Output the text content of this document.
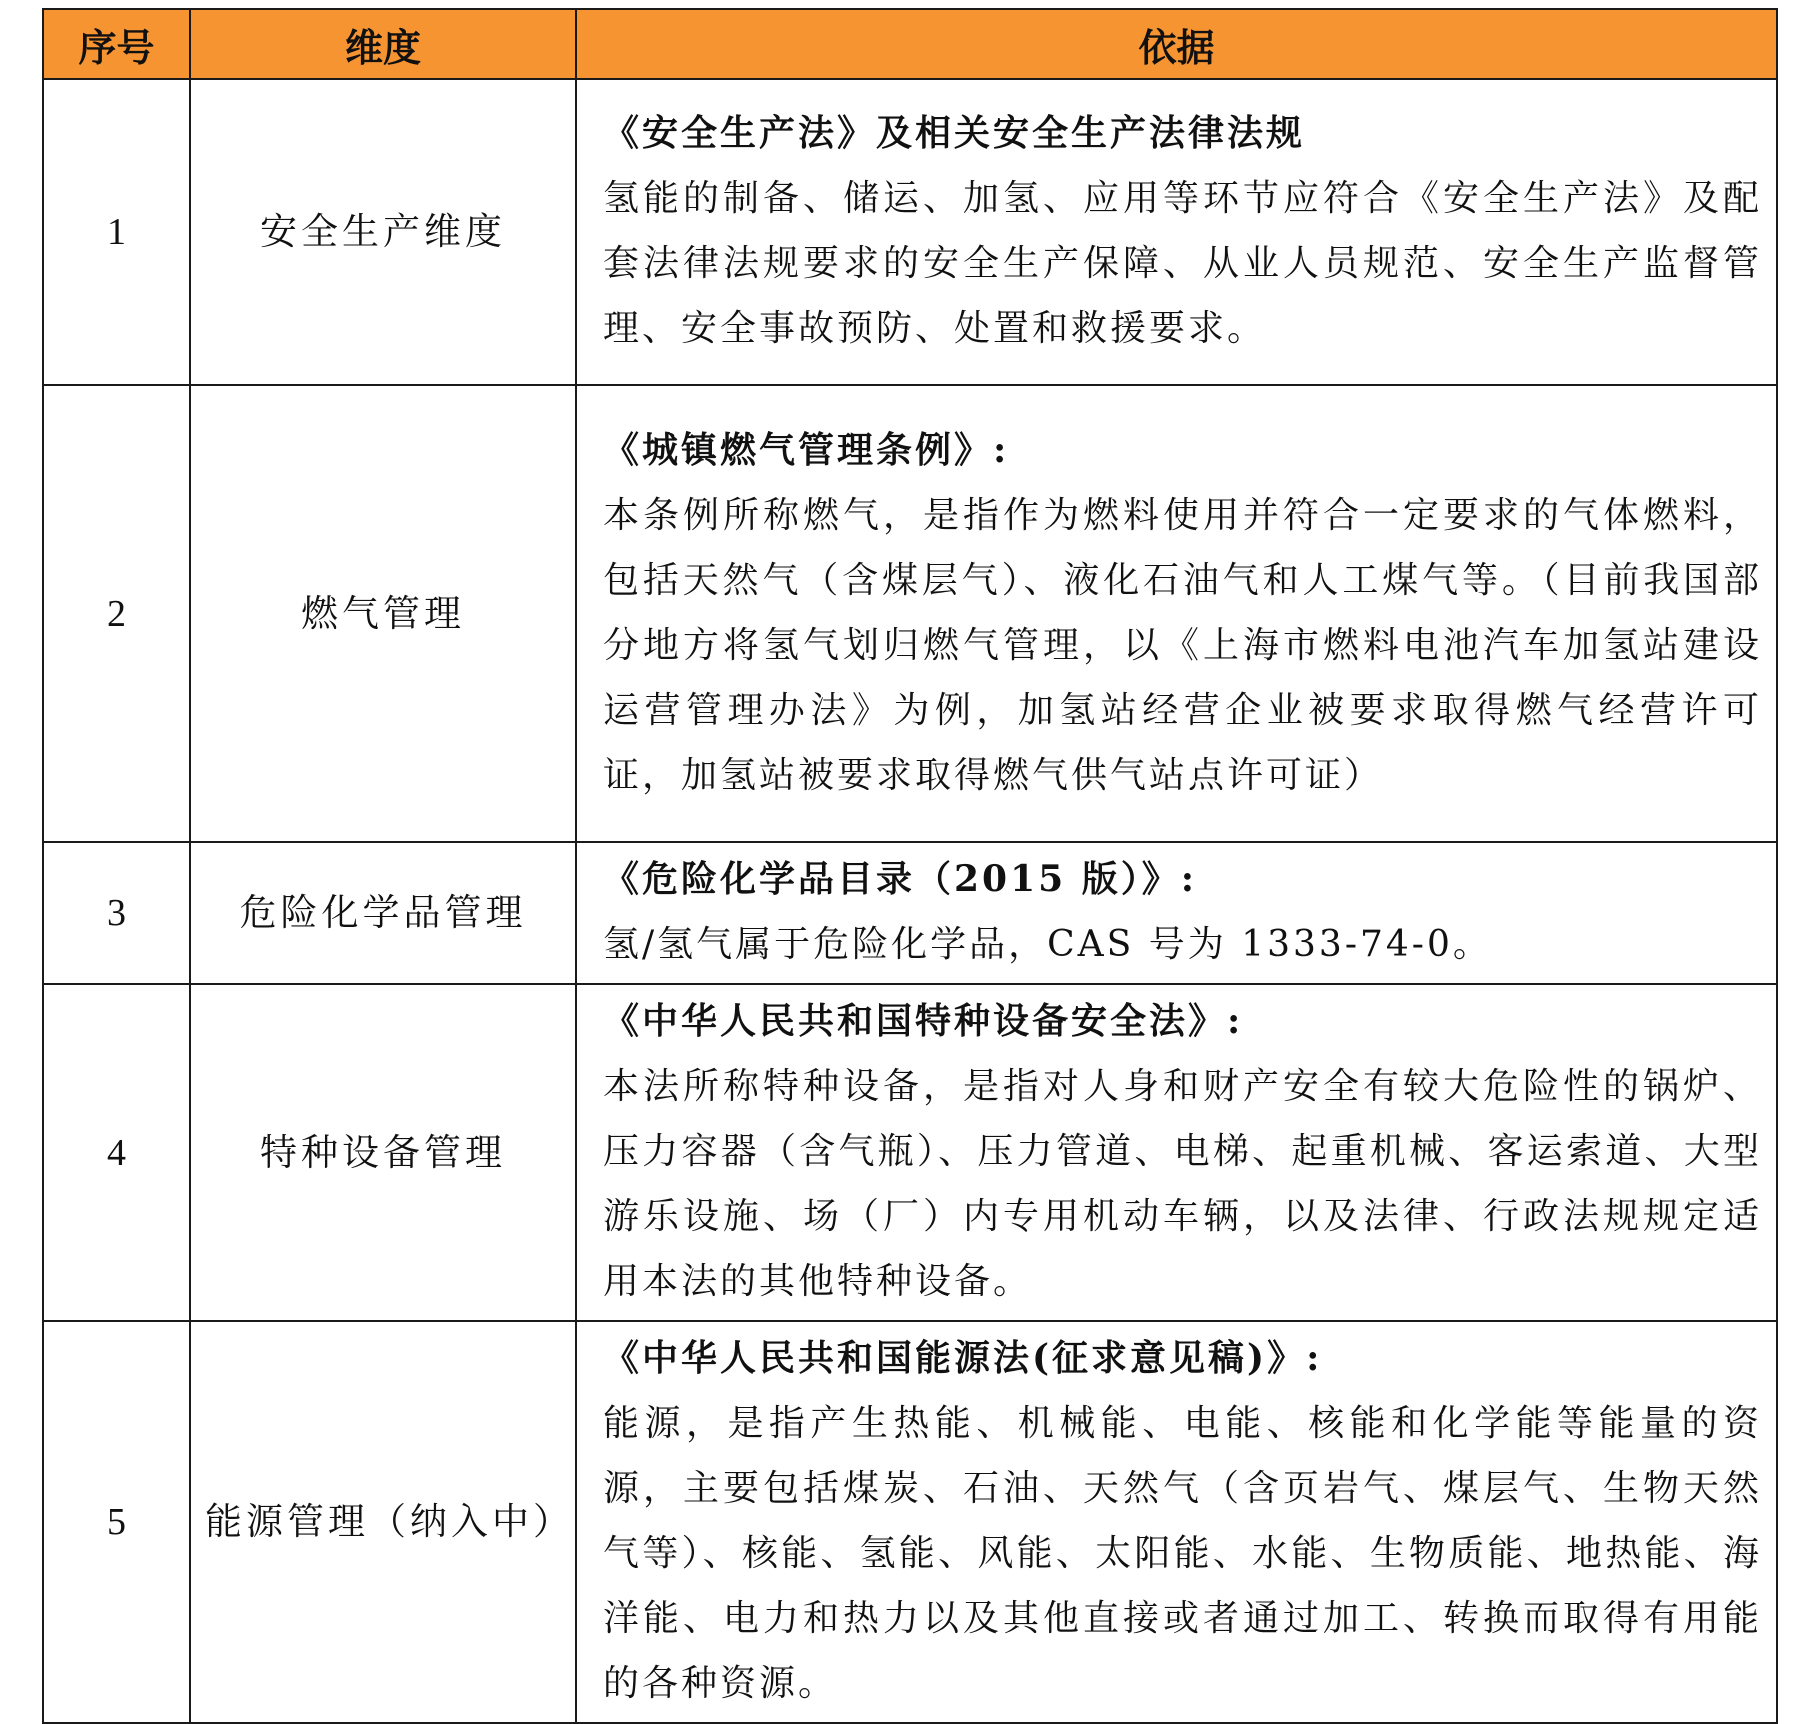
序号	维度	依据
1	安全生产维度	《安全生产法》及相关安全生产法律法规
氢能的制备、储运、加氢、应用等环节应符合《安全生产法》及配套法律法规要求的安全生产保障、从业人员规范、安全生产监督管理、安全事故预防、处置和救援要求。

2	燃气管理	《城镇燃气管理条例》:
本条例所称燃气，是指作为燃料使用并符合一定要求的气体燃料，包括天然气（含煤层气）、液化石油气和人工煤气等。（目前我国部分地方将氢气划归燃气管理，以《上海市燃料电池汽车加氢站建设运营管理办法》为例，加氢站经营企业被要求取得燃气经营许可证，加氢站被要求取得燃气供气站点许可证）

3	危险化学品管理	《危险化学品目录（2015 版）》:
氢/氢气属于危险化学品，CAS 号为 1333-74-0。

4	特种设备管理	《中华人民共和国特种设备安全法》:
本法所称特种设备，是指对人身和财产安全有较大危险性的锅炉、压力容器（含气瓶）、压力管道、电梯、起重机械、客运索道、大型游乐设施、场（厂）内专用机动车辆，以及法律、行政法规规定适用本法的其他特种设备。

5	能源管理（纳入中）	《中华人民共和国能源法(征求意见稿)》:
能源，是指产生热能、机械能、电能、核能和化学能等能量的资源，主要包括煤炭、石油、天然气（含页岩气、煤层气、生物天然气等）、核能、氢能、风能、太阳能、水能、生物质能、地热能、海洋能、电力和热力以及其他直接或者通过加工、转换而取得有用能的各种资源。
